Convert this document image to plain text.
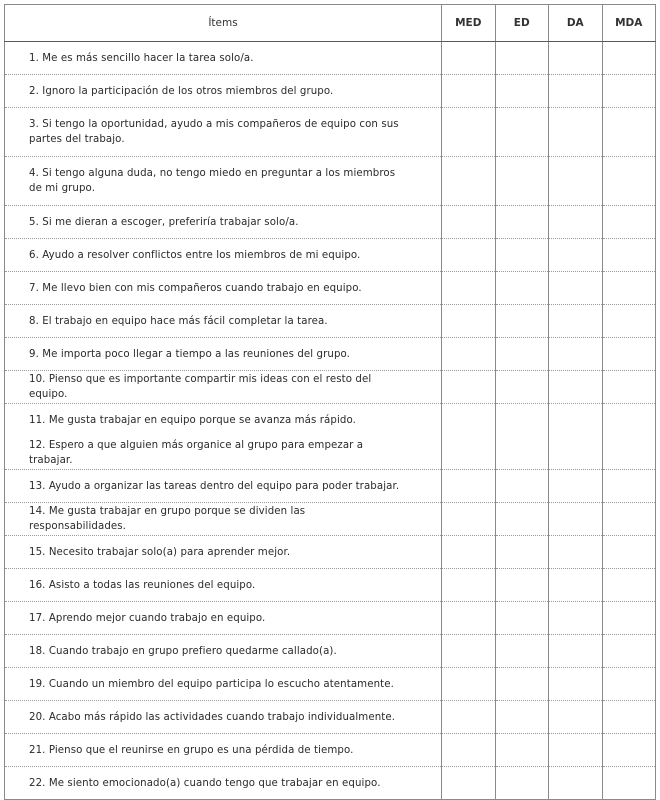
Ítems	MED	ED	DA	MDA
1. Me es más sencillo hacer la tarea solo/a.				
2. Ignoro la participación de los otros miembros del grupo.				
3. Si tengo la oportunidad, ayudo a mis compañeros de equipo con sus partes del trabajo.				
4. Si tengo alguna duda, no tengo miedo en preguntar a los miembros de mi grupo.				
5. Si me dieran a escoger, preferiría trabajar solo/a.				
6. Ayudo a resolver conflictos entre los miembros de mi equipo.				
7. Me llevo bien con mis compañeros cuando trabajo en equipo.				
8. El trabajo en equipo hace más fácil completar la tarea.				
9. Me importa poco llegar a tiempo a las reuniones del grupo.				
10. Pienso que es importante compartir mis ideas con el resto del equipo.				
11. Me gusta trabajar en equipo porque se avanza más rápido.				
12. Espero a que alguien más organice al grupo para empezar a trabajar.				
13. Ayudo a organizar las tareas dentro del equipo para poder trabajar.				
14. Me gusta trabajar en grupo porque se dividen las responsabilidades.				
15. Necesito trabajar solo(a) para aprender mejor.				
16. Asisto a todas las reuniones del equipo.				
17. Aprendo mejor cuando trabajo en equipo.				
18. Cuando trabajo en grupo prefiero quedarme callado(a).				
19. Cuando un miembro del equipo participa lo escucho atentamente.				
20. Acabo más rápido las actividades cuando trabajo individualmente.				
21. Pienso que el reunirse en grupo es una pérdida de tiempo.				
22. Me siento emocionado(a) cuando tengo que trabajar en equipo.				
